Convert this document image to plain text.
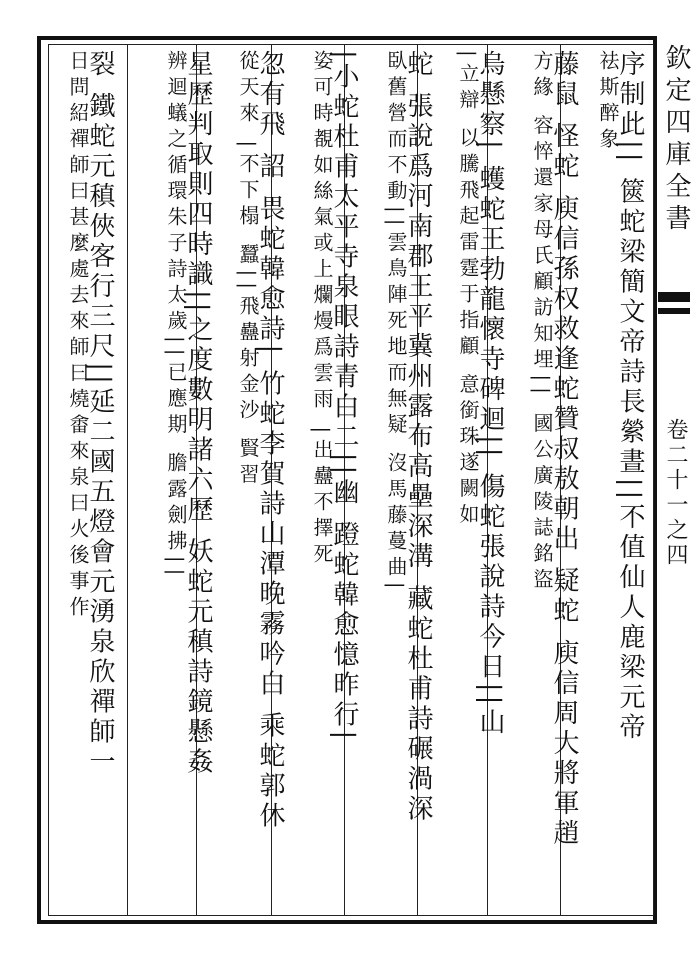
欽定四庫全書
卷二十一之四
序制此|| 篋蛇梁簡文帝詩長縈晝||不值仙人鹿梁元帝
祛斯醉象
藤鼠 怪蛇 庾信孫权救逢蛇贊叔敖朝出 疑蛇 庾信周大將軍趙
方緣 容悴還家母氏顧訪知埋|| 國公廣陵誌銘盜
烏懸察| 蠖蛇王勃龍懷寺碑迴|| 傷蛇張說詩今日||山
|立辯 以騰飛起雷霆于指顧 意銜珠遂闕如
蛇 張說爲河南郡王平冀州露布高壘深溝 藏蛇杜甫詩碾渦深
臥舊營而不動||雲鳥陣死地而無疑 沒馬藤蔓曲|
|小蛇杜甫太平寺泉眼詩青白二||幽 蹬蛇韓愈憶昨行|
姿可時覩如絲氣或上爛熳爲雲雨 |出蠱不擇死
忽有飛 詔 畏蛇韓愈詩| 竹蛇李賀詩山潭晚霧吟白 乘蛇郭休
從天來 |不下榻 蠶||飛蠱射金沙 賢習
星歷判取則四時識||之度數明諸六歷 妖蛇元稹詩鏡懸姦
辨迴蟻之循環朱子詩太歲||已應期 膽露劍拂||
裂 鐵蛇元稹俠客行三尺||延二國五燈會元湧泉欣禪師一
日問紹禪師曰甚麼處去來師曰燒畬來泉曰火後事作
